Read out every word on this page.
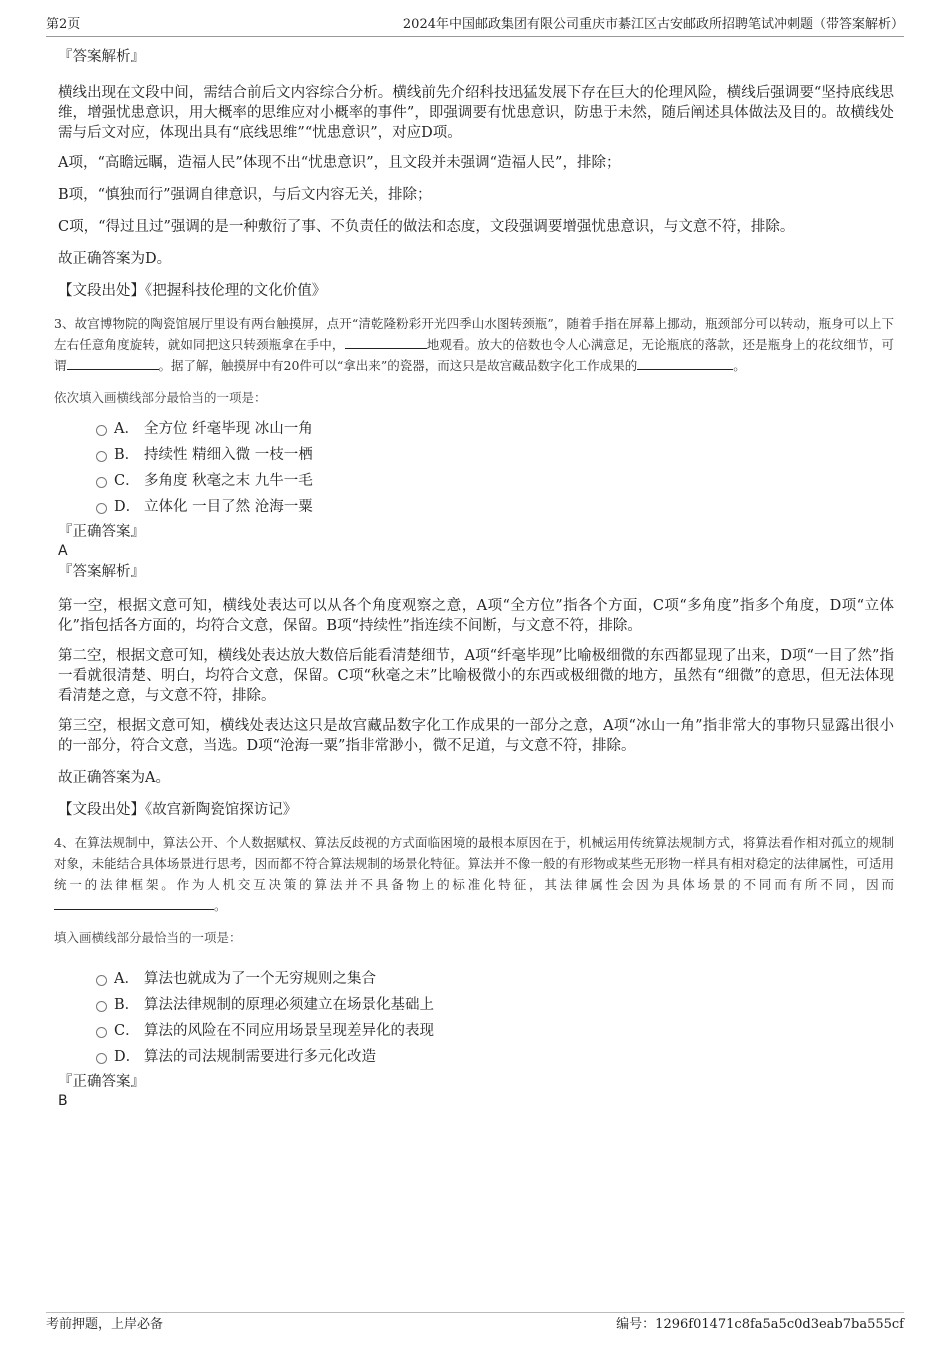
第2页	2024年中国邮政集团有限公司重庆市綦江区古安邮政所招聘笔试冲刺题（带答案解析）

『答案解析』

横线出现在文段中间，需结合前后文内容综合分析。横线前先介绍科技迅猛发展下存在巨大的伦理风险，横线后强调要“坚持底线思维，增强忧患意识，用大概率的思维应对小概率的事件”，即强调要有忧患意识，防患于未然，随后阐述具体做法及目的。故横线处需与后文对应，体现出具有“底线思维”“忧患意识”，对应D项。

A项，“高瞻远瞩，造福人民”体现不出“忧患意识”，且文段并未强调“造福人民”，排除；

B项，“慎独而行”强调自律意识，与后文内容无关，排除；

C项，“得过且过”强调的是一种敷衍了事、不负责任的做法和态度，文段强调要增强忧患意识，与文意不符，排除。

故正确答案为D。

【文段出处】《把握科技伦理的文化价值》

3、故宫博物院的陶瓷馆展厅里设有两台触摸屏，点开“清乾隆粉彩开光四季山水图转颈瓶”，随着手指在屏幕上挪动，瓶颈部分可以转动，瓶身可以上下左右任意角度旋转，就如同把这只转颈瓶拿在手中，	地观看。放大的倍数也令人心满意足，无论瓶底的落款，还是瓶身上的花纹细节，可谓	。据了解，触摸屏中有20件可以“拿出来”的瓷器，而这只是故宫藏品数字化工作成果的	。

依次填入画横线部分最恰当的一项是：

A． 全方位 纤毫毕现 冰山一角
B． 持续性 精细入微 一枝一栖
C． 多角度 秋毫之末 九牛一毛
D． 立体化 一目了然 沧海一粟

『正确答案』

A

『答案解析』

第一空，根据文意可知，横线处表达可以从各个角度观察之意，A项“全方位”指各个方面，C项“多角度”指多个角度，D项“立体化”指包括各方面的，均符合文意，保留。B项“持续性”指连续不间断，与文意不符，排除。

第二空，根据文意可知，横线处表达放大数倍后能看清楚细节，A项“纤毫毕现”比喻极细微的东西都显现了出来，D项“一目了然”指一看就很清楚、明白，均符合文意，保留。C项“秋毫之末”比喻极微小的东西或极细微的地方，虽然有“细微”的意思，但无法体现看清楚之意，与文意不符，排除。

第三空，根据文意可知，横线处表达这只是故宫藏品数字化工作成果的一部分之意，A项“冰山一角”指非常大的事物只显露出很小的一部分，符合文意，当选。D项“沧海一粟”指非常渺小，微不足道，与文意不符，排除。

故正确答案为A。

【文段出处】《故宫新陶瓷馆探访记》

4、在算法规制中，算法公开、个人数据赋权、算法反歧视的方式面临困境的最根本原因在于，机械运用传统算法规制方式，将算法看作相对孤立的规制对象，未能结合具体场景进行思考，因而都不符合算法规制的场景化特征。算法并不像一般的有形物或某些无形物一样具有相对稳定的法律属性，可适用统一的法律框架。作为人机交互决策的算法并不具备物上的标准化特征，其法律属性会因为具体场景的不同而有所不同，因而。

填入画横线部分最恰当的一项是：

A． 算法也就成为了一个无穷规则之集合
B． 算法法律规制的原理必须建立在场景化基础上
C． 算法的风险在不同应用场景呈现差异化的表现
D． 算法的司法规制需要进行多元化改造

『正确答案』

B

考前押题，上岸必备	编号：1296f01471c8fa5a5c0d3eab7ba555cf
